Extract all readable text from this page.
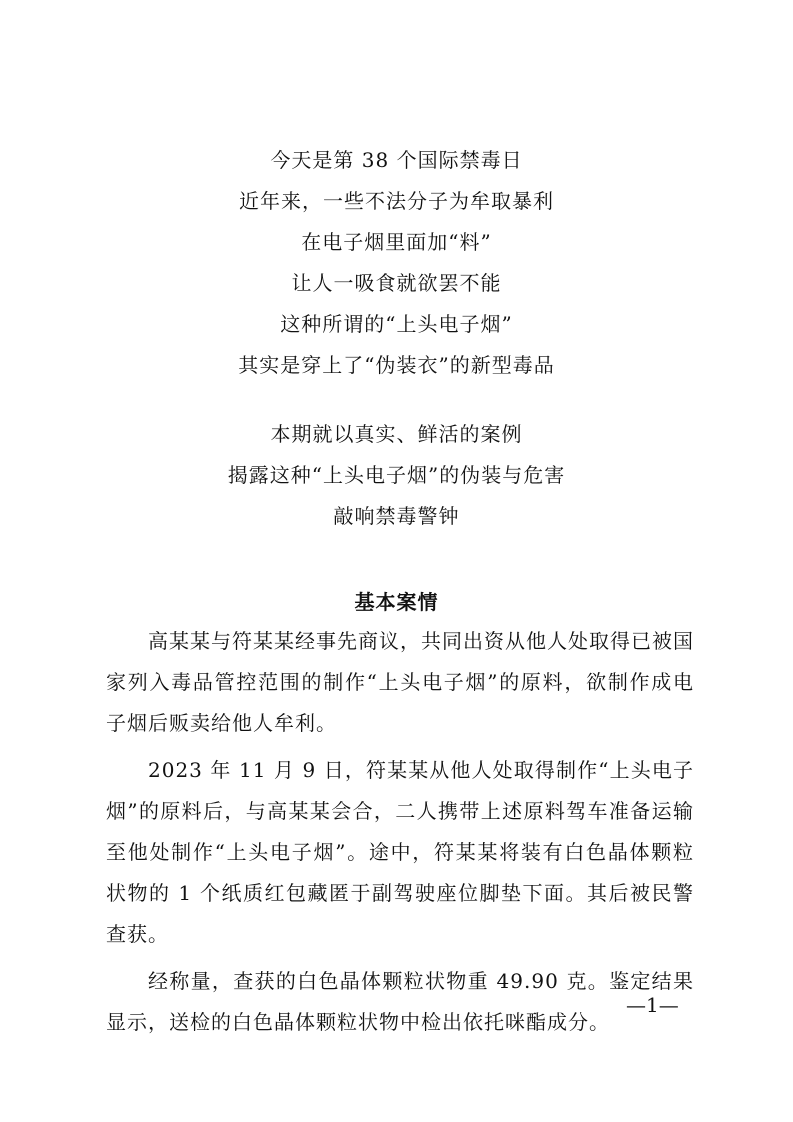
今天是第 38 个国际禁毒日

近年来，一些不法分子为牟取暴利

在电子烟里面加“料”

让人一吸食就欲罢不能

这种所谓的“上头电子烟”

其实是穿上了“伪装衣”的新型毒品

本期就以真实、鲜活的案例

揭露这种“上头电子烟”的伪装与危害

敲响禁毒警钟

基本案情

高某某与符某某经事先商议，共同出资从他人处取得已被国家列入毒品管控范围的制作“上头电子烟”的原料，欲制作成电子烟后贩卖给他人牟利。

2023 年 11 月 9 日，符某某从他人处取得制作“上头电子烟”的原料后，与高某某会合，二人携带上述原料驾车准备运输至他处制作“上头电子烟”。途中，符某某将装有白色晶体颗粒状物的 1 个纸质红包藏匿于副驾驶座位脚垫下面。其后被民警查获。

经称量，查获的白色晶体颗粒状物重 49.90 克。鉴定结果显示，送检的白色晶体颗粒状物中检出依托咪酯成分。

—1—
